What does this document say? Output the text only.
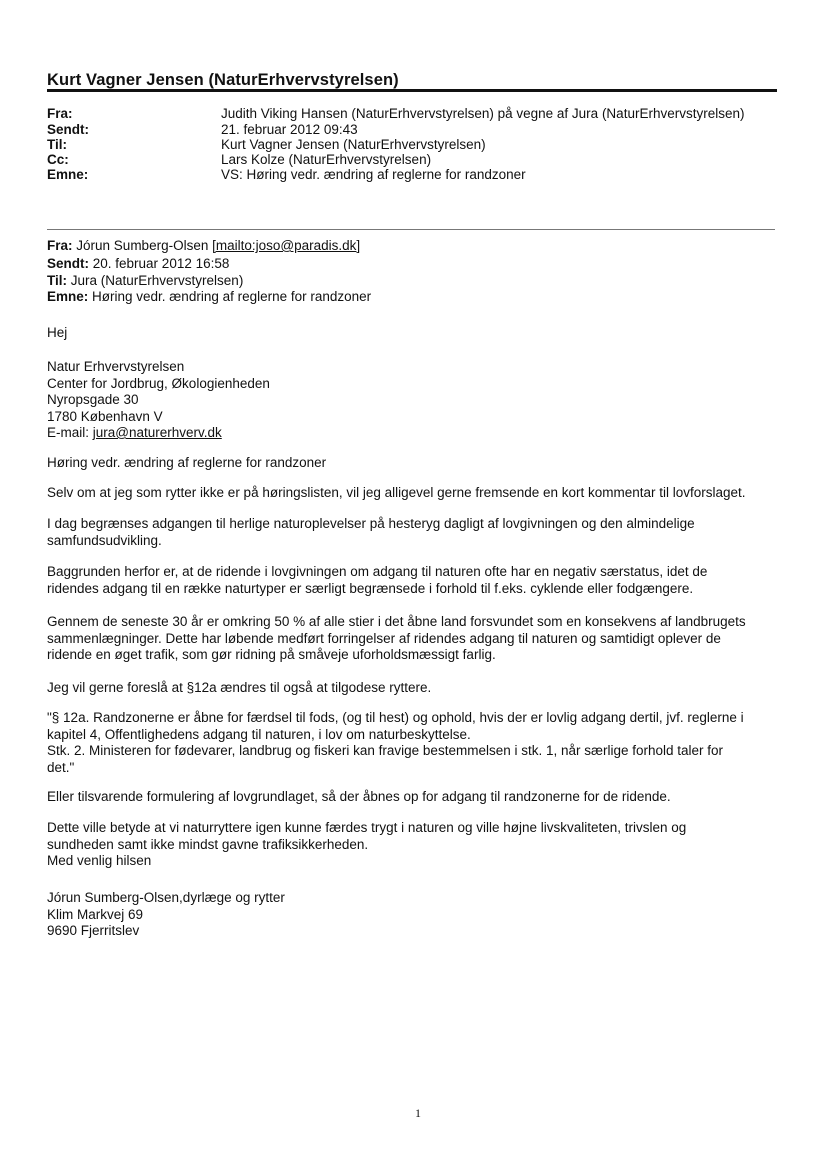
Kurt Vagner Jensen (NaturErhvervstyrelsen)
Fra:	Judith Viking Hansen (NaturErhvervstyrelsen) på vegne af Jura (NaturErhvervstyrelsen)
Sendt:	21. februar 2012 09:43
Til:	Kurt Vagner Jensen (NaturErhvervstyrelsen)
Cc:	Lars Kolze (NaturErhvervstyrelsen)
Emne:	VS: Høring vedr. ændring af reglerne for randzoner
Fra: Jórun Sumberg-Olsen [mailto:joso@paradis.dk]
Sendt: 20. februar 2012 16:58
Til: Jura (NaturErhvervstyrelsen)
Emne: Høring vedr. ændring af reglerne for randzoner

Hej

Natur Erhvervstyrelsen
Center for Jordbrug, Økologienheden
Nyropsgade 30
1780 København V
E-mail: jura@naturerhverv.dk

Høring vedr. ændring af reglerne for randzoner

Selv om at jeg som rytter ikke er på høringslisten, vil jeg alligevel gerne fremsende en kort kommentar til lovforslaget.

I dag begrænses adgangen til herlige naturoplevelser på hesteryg dagligt af lovgivningen og den almindelige
samfundsudvikling.

Baggrunden herfor er, at de ridende i lovgivningen om adgang til naturen ofte har en negativ særstatus, idet de
ridendes adgang til en række naturtyper er særligt begrænsede i forhold til f.eks. cyklende eller fodgængere.

Gennem de seneste 30 år er omkring 50 % af alle stier i det åbne land forsvundet som en konsekvens af landbrugets
sammenlægninger. Dette har løbende medført forringelser af ridendes adgang til naturen og samtidigt oplever de
ridende en øget trafik, som gør ridning på småveje uforholdsmæssigt farlig.

Jeg vil gerne foreslå at §12a ændres til også at tilgodese ryttere.

"§ 12a. Randzonerne er åbne for færdsel til fods, (og til hest) og ophold, hvis der er lovlig adgang dertil, jvf. reglerne i
kapitel 4, Offentlighedens adgang til naturen, i lov om naturbeskyttelse.
Stk. 2. Ministeren for fødevarer, landbrug og fiskeri kan fravige bestemmelsen i stk. 1, når særlige forhold taler for
det."

Eller tilsvarende formulering af lovgrundlaget, så der åbnes op for adgang til randzonerne for de ridende.

Dette ville betyde at vi naturryttere igen kunne færdes trygt i naturen og ville højne livskvaliteten, trivslen og
sundheden samt ikke mindst gavne trafiksikkerheden.
Med venlig hilsen

Jórun Sumberg-Olsen,dyrlæge og rytter
Klim Markvej 69
9690 Fjerritslev

1
